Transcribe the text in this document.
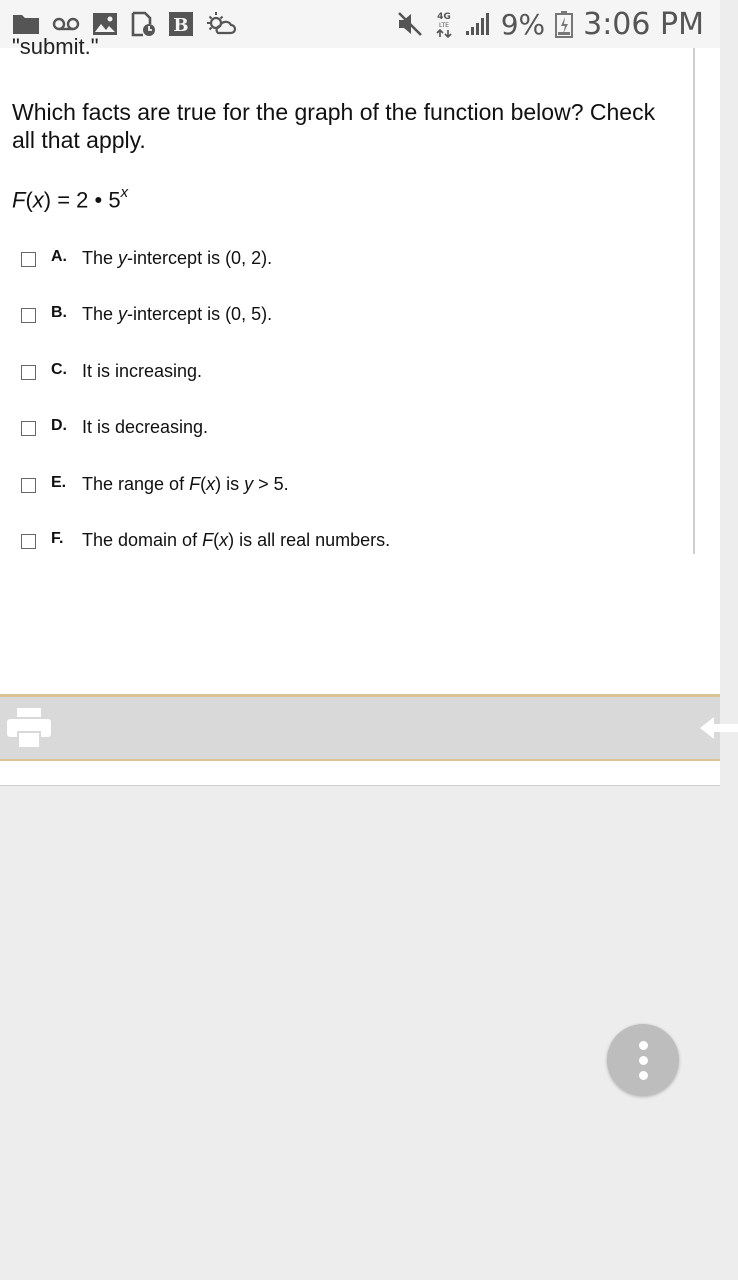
B	4G
LTE 9% 3:06 PM
"submit."
Which facts are true for the graph of the function below? Check all that apply.
F(x) = 2 • 5$^x$
A. The y-intercept is (0, 2).
B. The y-intercept is (0, 5).
C. It is increasing.
D. It is decreasing.
E. The range of F(x) is y > 5.
F. The domain of F(x) is all real numbers.
